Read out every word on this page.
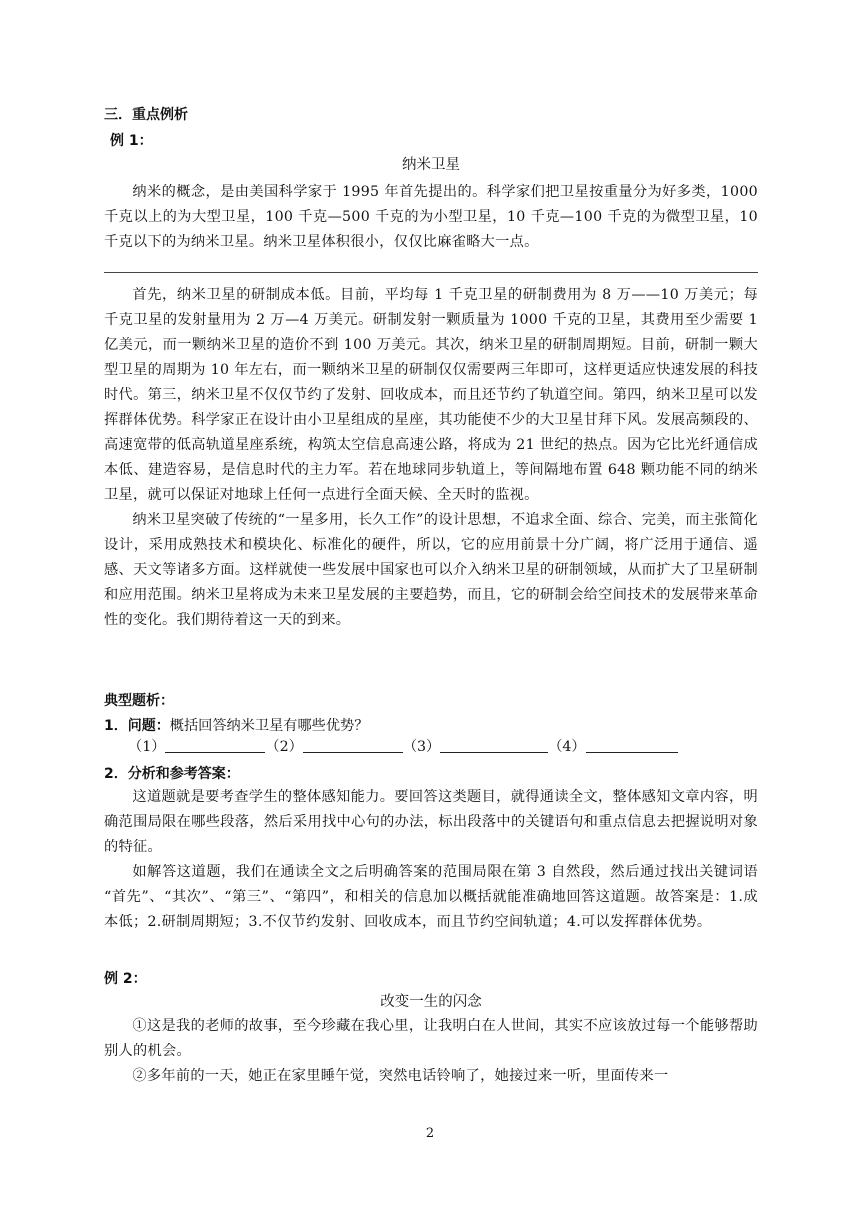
三．重点例析
例 1：

纳米卫星

纳米的概念，是由美国科学家于 1995 年首先提出的。科学家们把卫星按重量分为好多类，1000 千克以上的为大型卫星，100 千克—500 千克的为小型卫星，10 千克—100 千克的为微型卫星，10 千克以下的为纳米卫星。纳米卫星体积很小，仅仅比麻雀略大一点。

首先，纳米卫星的研制成本低。目前，平均每 1 千克卫星的研制费用为 8 万——10 万美元；每千克卫星的发射量用为 2 万—4 万美元。研制发射一颗质量为 1000 千克的卫星，其费用至少需要 1 亿美元，而一颗纳米卫星的造价不到 100 万美元。其次，纳米卫星的研制周期短。目前，研制一颗大型卫星的周期为 10 年左右，而一颗纳米卫星的研制仅仅需要两三年即可，这样更适应快速发展的科技时代。第三，纳米卫星不仅仅节约了发射、回收成本，而且还节约了轨道空间。第四，纳米卫星可以发挥群体优势。科学家正在设计由小卫星组成的星座，其功能使不少的大卫星甘拜下风。发展高频段的、高速宽带的低高轨道星座系统，构筑太空信息高速公路，将成为 21 世纪的热点。因为它比光纤通信成本低、建造容易，是信息时代的主力军。若在地球同步轨道上，等间隔地布置 648 颗功能不同的纳米卫星，就可以保证对地球上任何一点进行全面天候、全天时的监视。

纳米卫星突破了传统的“一星多用，长久工作”的设计思想，不追求全面、综合、完美，而主张简化设计，采用成熟技术和模块化、标准化的硬件，所以，它的应用前景十分广阔，将广泛用于通信、遥感、天文等诸多方面。这样就使一些发展中国家也可以介入纳米卫星的研制领域，从而扩大了卫星研制和应用范围。纳米卫星将成为未来卫星发展的主要趋势，而且，它的研制会给空间技术的发展带来革命性的变化。我们期待着这一天的到来。

典型题析：
1．问题：概括回答纳米卫星有哪些优势？
（1）	（2）	（3）	（4）
2．分析和参考答案：

这道题就是要考查学生的整体感知能力。要回答这类题目，就得通读全文，整体感知文章内容，明确范围局限在哪些段落，然后采用找中心句的办法，标出段落中的关键语句和重点信息去把握说明对象的特征。

如解答这道题，我们在通读全文之后明确答案的范围局限在第 3 自然段，然后通过找出关键词语 “首先”、“其次”、“第三”、“第四”，和相关的信息加以概括就能准确地回答这道题。故答案是：1.成本低；2.研制周期短；3.不仅节约发射、回收成本，而且节约空间轨道；4.可以发挥群体优势。

例 2：

改变一生的闪念

①这是我的老师的故事，至今珍藏在我心里，让我明白在人世间，其实不应该放过每一个能够帮助别人的机会。

②多年前的一天，她正在家里睡午觉，突然电话铃响了，她接过来一听，里面传来一

2
